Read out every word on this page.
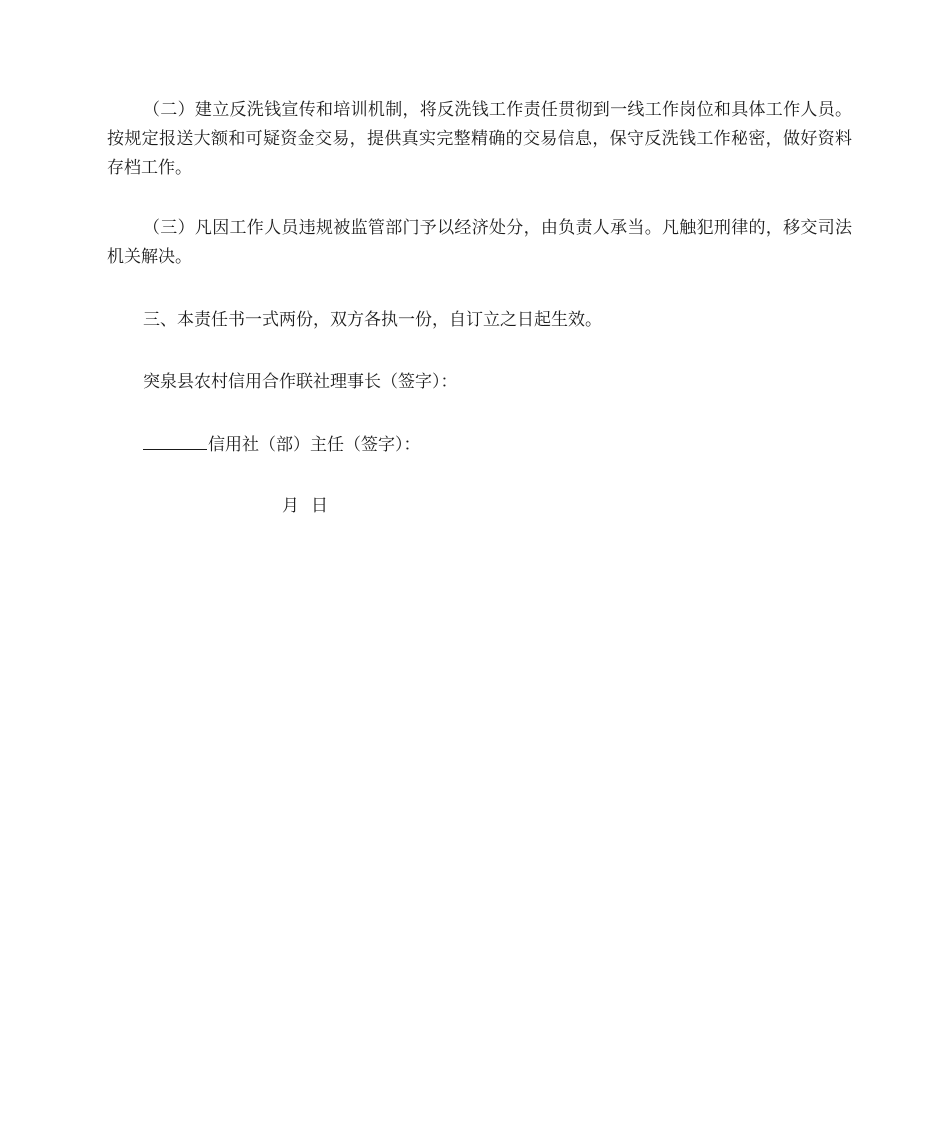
（二）建立反洗钱宣传和培训机制，将反洗钱工作责任贯彻到一线工作岗位和具体工作人员。按规定报送大额和可疑资金交易，提供真实完整精确的交易信息，保守反洗钱工作秘密，做好资料存档工作。

（三）凡因工作人员违规被监管部门予以经济处分，由负责人承当。凡触犯刑律的，移交司法机关解决。

三、本责任书一式两份，双方各执一份，自订立之日起生效。

突泉县农村信用合作联社理事长（签字）：

信用社（部）主任（签字）：

月 日
